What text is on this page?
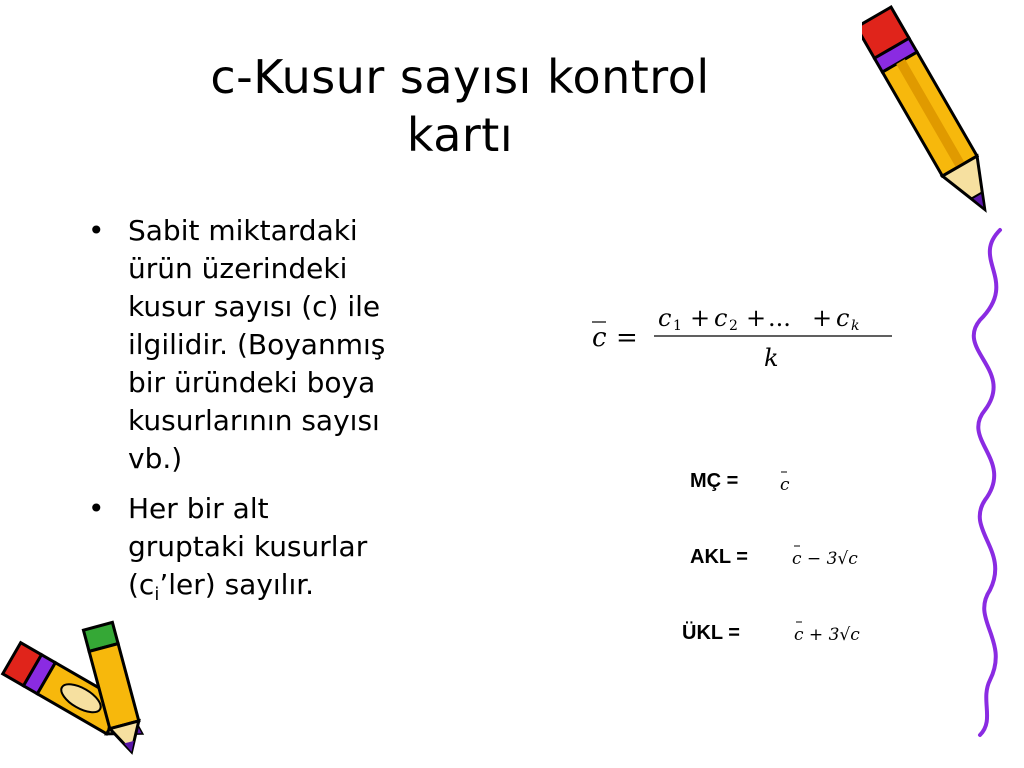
c-Kusur sayısı kontrol
kartı
• Sabit miktardaki
ürün üzerindeki
kusur sayısı (c) ile
ilgilidir. (Boyanmış
bir üründeki boya
kusurlarının sayısı
vb.)
• Her bir alt
gruptaki kusurlar
$(c_i’ler)$ sayılır.
c =
c 1 + c 2 + ... + c k
k
MÇ = c
AKL =	c − 3√c
ÜKL =	c + 3√c
